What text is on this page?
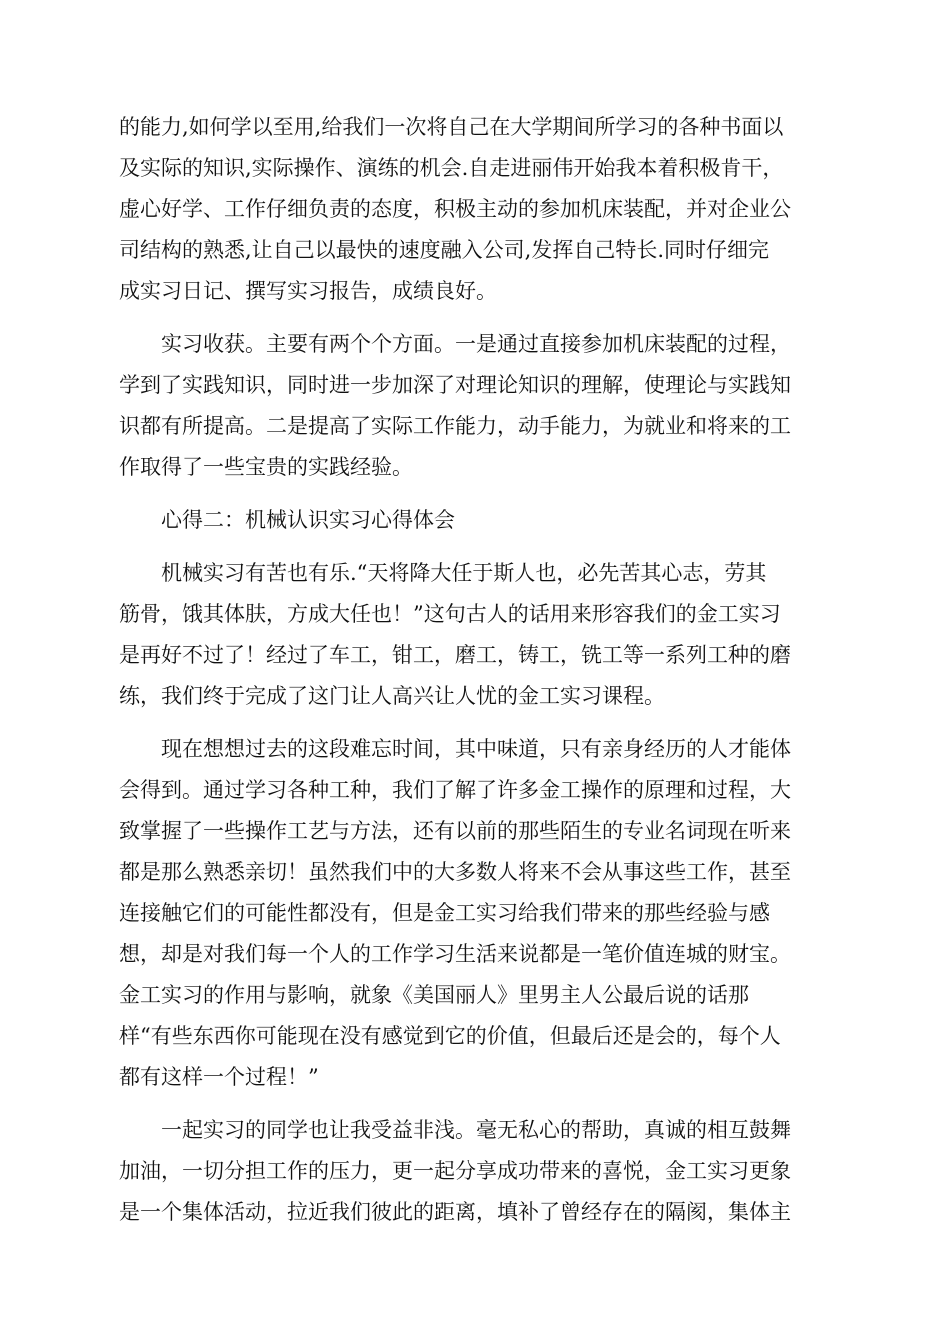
的能力,如何学以至用,给我们一次将自己在大学期间所学习的各种书面以
及实际的知识,实际操作、演练的机会.自走进丽伟开始我本着积极肯干，
虚心好学、工作仔细负责的态度，积极主动的参加机床装配，并对企业公
司结构的熟悉,让自己以最快的速度融入公司,发挥自己特长.同时仔细完
成实习日记、撰写实习报告，成绩良好。
实习收获。主要有两个个方面。一是通过直接参加机床装配的过程，
学到了实践知识，同时进一步加深了对理论知识的理解，使理论与实践知
识都有所提高。二是提高了实际工作能力，动手能力，为就业和将来的工
作取得了一些宝贵的实践经验。
心得二：机械认识实习心得体会
机械实习有苦也有乐.“天将降大任于斯人也，必先苦其心志，劳其
筋骨，饿其体肤，方成大任也！”这句古人的话用来形容我们的金工实习
是再好不过了！经过了车工，钳工，磨工，铸工，铣工等一系列工种的磨
练，我们终于完成了这门让人高兴让人忧的金工实习课程。
现在想想过去的这段难忘时间，其中味道，只有亲身经历的人才能体
会得到。通过学习各种工种，我们了解了许多金工操作的原理和过程，大
致掌握了一些操作工艺与方法，还有以前的那些陌生的专业名词现在听来
都是那么熟悉亲切！虽然我们中的大多数人将来不会从事这些工作，甚至
连接触它们的可能性都没有，但是金工实习给我们带来的那些经验与感
想，却是对我们每一个人的工作学习生活来说都是一笔价值连城的财宝。
金工实习的作用与影响，就象《美国丽人》里男主人公最后说的话那
样“有些东西你可能现在没有感觉到它的价值，但最后还是会的，每个人
都有这样一个过程！”
一起实习的同学也让我受益非浅。毫无私心的帮助，真诚的相互鼓舞
加油，一切分担工作的压力，更一起分享成功带来的喜悦，金工实习更象
是一个集体活动，拉近我们彼此的距离，填补了曾经存在的隔阂，集体主
